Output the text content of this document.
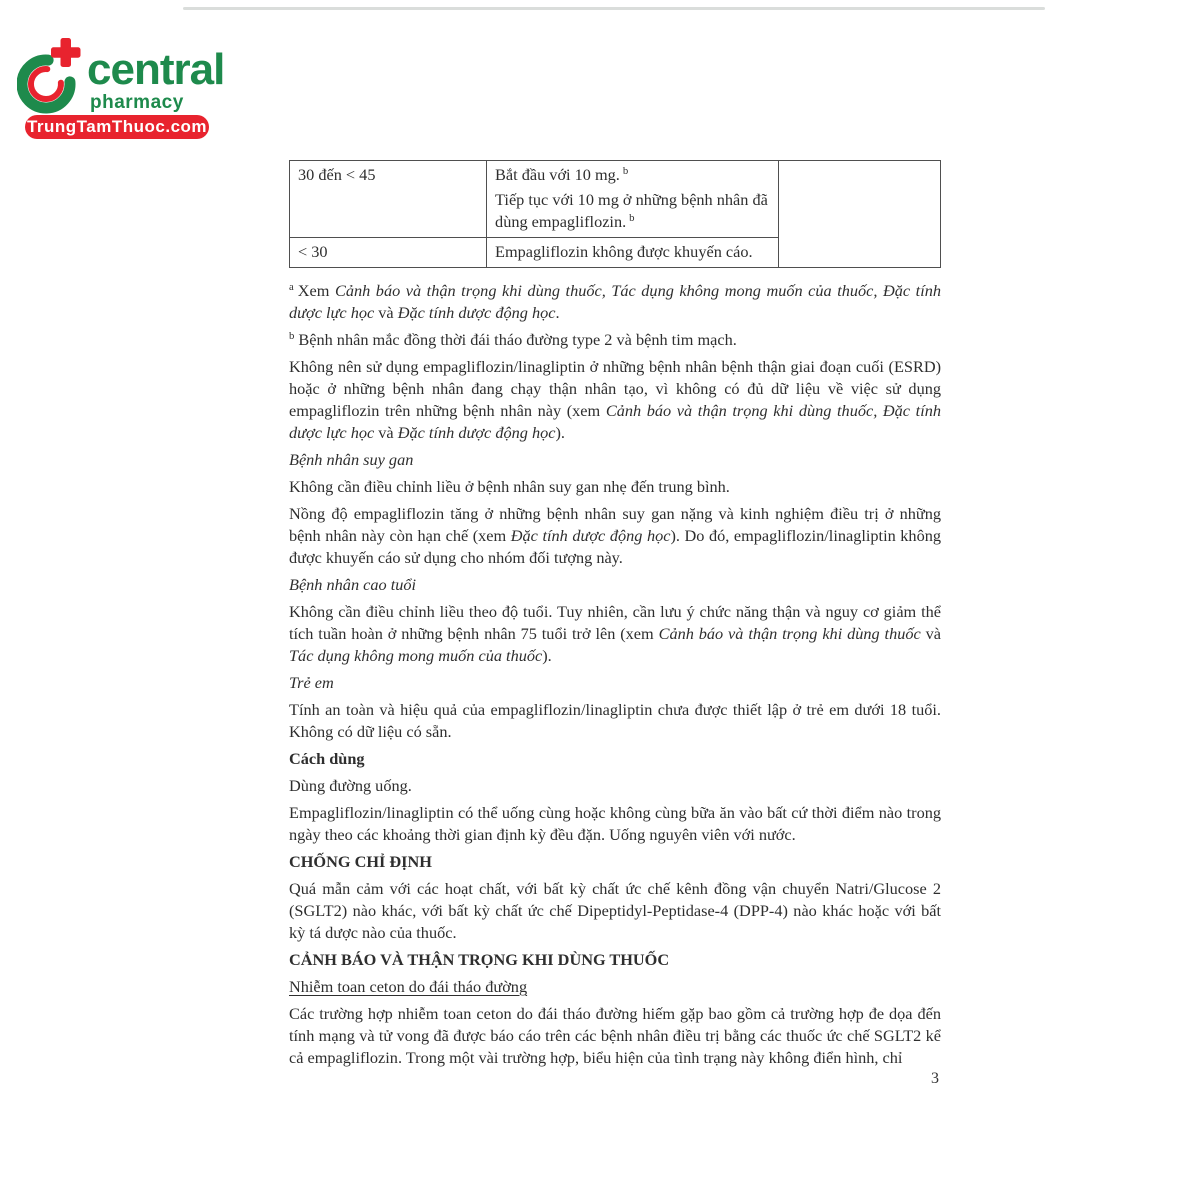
central
pharmacy
TrungTamThuoc.com
30 đến < 45	Bắt đầu với 10 mg. $^b$
Tiếp tục với 10 mg ở những bệnh nhân đã dùng empagliflozin. $^b$

< 30	Empagliflozin không được khuyến cáo.	

$^a$ Xem Cảnh báo và thận trọng khi dùng thuốc, Tác dụng không mong muốn của thuốc, Đặc tính dược lực học và Đặc tính dược động học.

$^b$ Bệnh nhân mắc đồng thời đái tháo đường type 2 và bệnh tim mạch.

Không nên sử dụng empagliflozin/linagliptin ở những bệnh nhân bệnh thận giai đoạn cuối (ESRD) hoặc ở những bệnh nhân đang chạy thận nhân tạo, vì không có đủ dữ liệu về việc sử dụng empagliflozin trên những bệnh nhân này (xem Cảnh báo và thận trọng khi dùng thuốc, Đặc tính dược lực học và Đặc tính dược động học).

Bệnh nhân suy gan

Không cần điều chỉnh liều ở bệnh nhân suy gan nhẹ đến trung bình.

Nồng độ empagliflozin tăng ở những bệnh nhân suy gan nặng và kinh nghiệm điều trị ở những bệnh nhân này còn hạn chế (xem Đặc tính dược động học). Do đó, empagliflozin/linagliptin không được khuyến cáo sử dụng cho nhóm đối tượng này.

Bệnh nhân cao tuổi

Không cần điều chỉnh liều theo độ tuổi. Tuy nhiên, cần lưu ý chức năng thận và nguy cơ giảm thể tích tuần hoàn ở những bệnh nhân 75 tuổi trở lên (xem Cảnh báo và thận trọng khi dùng thuốc và Tác dụng không mong muốn của thuốc).

Trẻ em

Tính an toàn và hiệu quả của empagliflozin/linagliptin chưa được thiết lập ở trẻ em dưới 18 tuổi. Không có dữ liệu có sẵn.

Cách dùng

Dùng đường uống.

Empagliflozin/linagliptin có thể uống cùng hoặc không cùng bữa ăn vào bất cứ thời điểm nào trong ngày theo các khoảng thời gian định kỳ đều đặn. Uống nguyên viên với nước.

CHỐNG CHỈ ĐỊNH

Quá mẫn cảm với các hoạt chất, với bất kỳ chất ức chế kênh đồng vận chuyển Natri/Glucose 2 (SGLT2) nào khác, với bất kỳ chất ức chế Dipeptidyl-Peptidase-4 (DPP-4) nào khác hoặc với bất kỳ tá dược nào của thuốc.

CẢNH BÁO VÀ THẬN TRỌNG KHI DÙNG THUỐC

Nhiễm toan ceton do đái tháo đường

Các trường hợp nhiễm toan ceton do đái tháo đường hiếm gặp bao gồm cả trường hợp đe dọa đến tính mạng và tử vong đã được báo cáo trên các bệnh nhân điều trị bằng các thuốc ức chế SGLT2 kể cả empagliflozin. Trong một vài trường hợp, biểu hiện của tình trạng này không điển hình, chỉ

3
